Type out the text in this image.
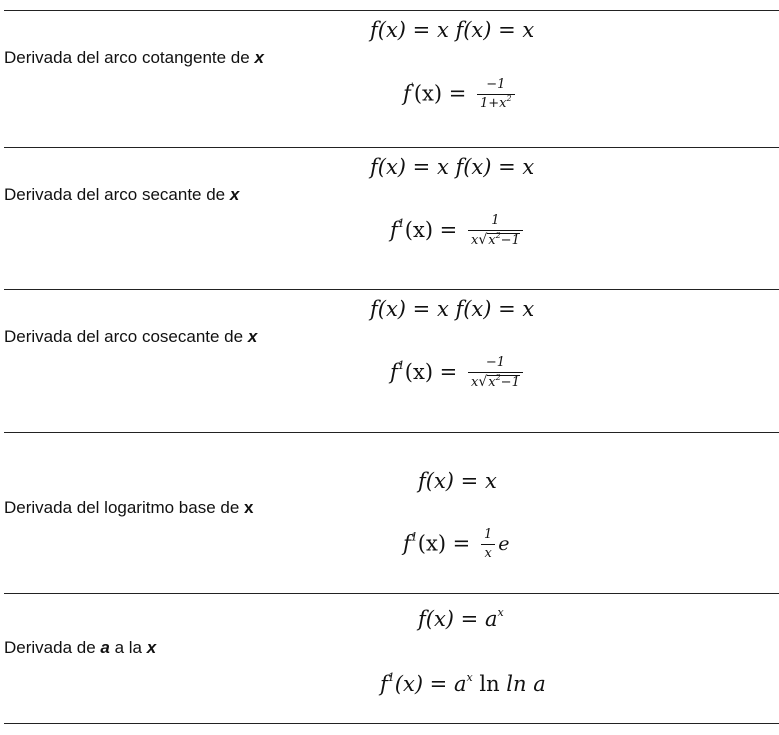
Derivada del arco cotangente de x
f(x) = x f(x) = x
$f'(x) = \frac{-1}{1+x^2}$
Derivada del arco secante de x
f(x) = x f(x) = x
$f^1(x) = \frac{1}{x√x^2-1}$
Derivada del arco cosecante de x
f(x) = x f(x) = x
$f^1(x) = \frac{-1}{x√x^2-1}$
Derivada del logaritmo base de x
f(x) = x
$f^1(x) = \frac{1}{x}$ e
Derivada de a a la x
$f(x) = a^x$
$f^1(x) = a^x$ ln ln a
